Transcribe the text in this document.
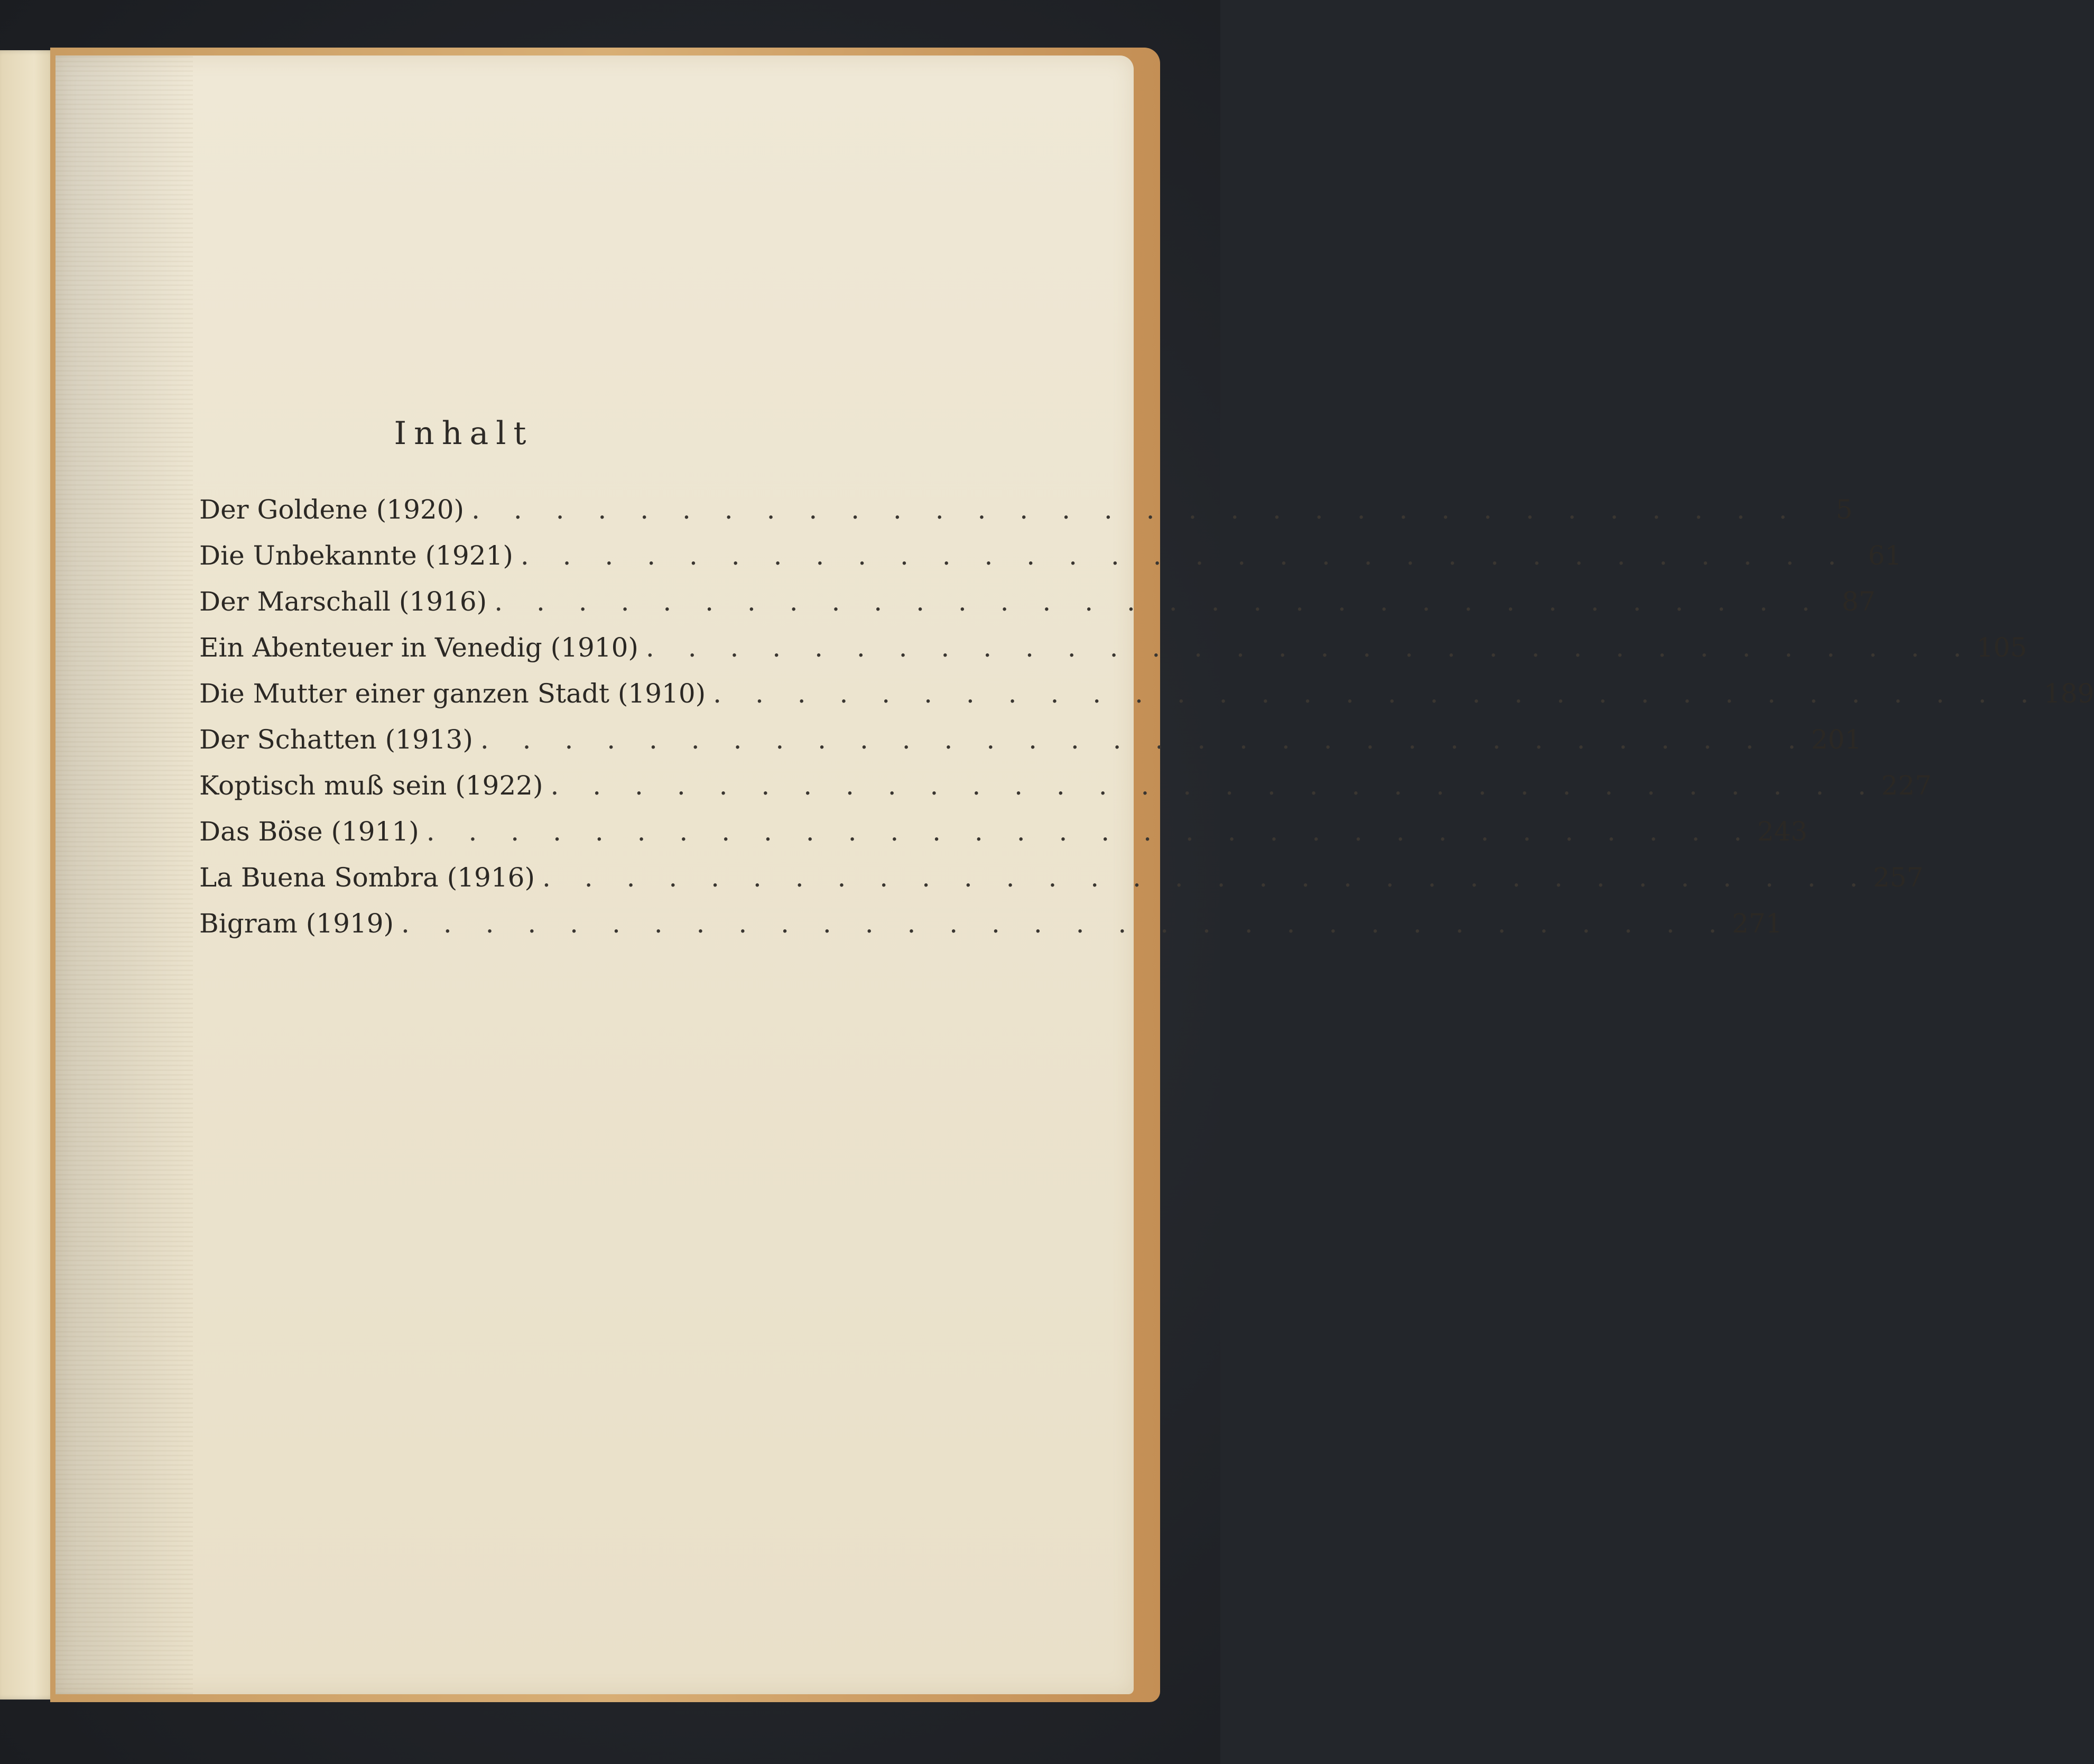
Inhalt
Der Goldene (1920) . . . . . . . . . . . . . . . . . . . . . . . . . . . . . . . .	5
Die Unbekannte (1921) . . . . . . . . . . . . . . . . . . . . . . . . . . . . . . . . 61
Der Marschall (1916) . . . . . . . . . . . . . . . . . . . . . . . . . . . . . . . . 87
Ein Abenteuer in Venedig (1910) . . . . . . . . . . . . . . . . . . . . . . . . . . . . . . . . 105
Die Mutter einer ganzen Stadt (1910) . . . . . . . . . . . . . . . . . . . . . . . . . . . . . . . . 189
Der Schatten (1913) . . . . . . . . . . . . . . . . . . . . . . . . . . . . . . . . 201
Koptisch muß sein (1922) . . . . . . . . . . . . . . . . . . . . . . . . . . . . . . . . 227
Das Böse (1911) . . . . . . . . . . . . . . . . . . . . . . . . . . . . . . . . 243
La Buena Sombra (1916) . . . . . . . . . . . . . . . . . . . . . . . . . . . . . . . . 257
Bigram (1919) . . . . . . . . . . . . . . . . . . . . . . . . . . . . . . . . 271
